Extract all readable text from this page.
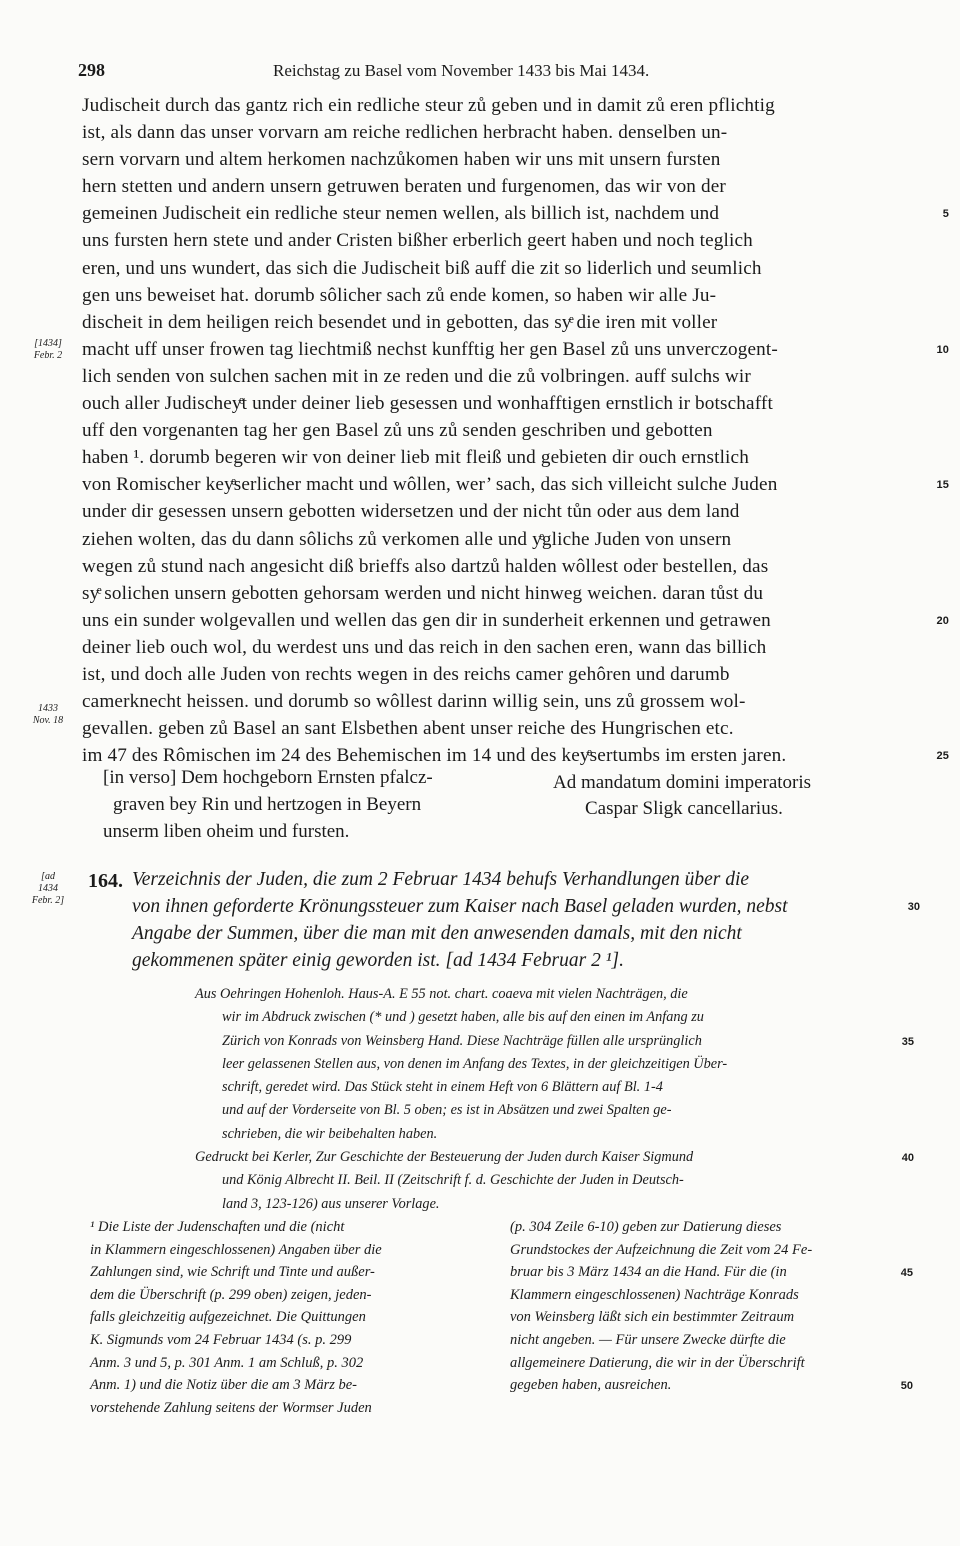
298	Reichstag zu Basel vom November 1433 bis Mai 1434.
Judischeit durch das gantz rich ein redliche steur zů geben und in damit zů eren pflichtig
ist, als dann das unser vorvarn am reiche redlichen herbracht haben. denselben un-
sern vorvarn und altem herkomen nachzůkomen haben wir uns mit unsern fursten
hern stetten und andern unsern getruwen beraten und furgenomen, das wir von der
gemeinen Judischeit ein redliche steur nemen wellen, als billich ist, nachdem und	5
uns fursten hern stete und ander Cristen bißher erberlich geert haben und noch teglich
eren, und uns wundert, das sich die Judischeit biß auff die zit so liderlich und seumlich
gen uns beweiset hat. dorumb sôlicher sach zů ende komen, so haben wir alle Ju-
discheit in dem heiligen reich besendet und in gebotten, das syͤ die iren mit voller
macht uff unser frowen tag liechtmiß nechst kunfftig her gen Basel zů uns unverczogent-	10
lich senden von sulchen sachen mit in ze reden und die zů volbringen. auff sulchs wir
ouch aller Judischeyͤt under deiner lieb gesessen und wonhafftigen ernstlich ir botschafft
uff den vorgenanten tag her gen Basel zů uns zů senden geschriben und gebotten
haben ¹. dorumb begeren wir von deiner lieb mit fleiß und gebieten dir ouch ernstlich
von Romischer keyͤserlicher macht und wôllen, wer’ sach, das sich villeicht sulche Juden	15
under dir gesessen unsern gebotten widersetzen und der nicht tůn oder aus dem land
ziehen wolten, das du dann sôlichs zů verkomen alle und yͤgliche Juden von unsern
wegen zů stund nach angesicht diß brieffs also dartzů halden wôllest oder bestellen, das
syͤ solichen unsern gebotten gehorsam werden und nicht hinweg weichen. daran tůst du
uns ein sunder wolgevallen und wellen das gen dir in sunderheit erkennen und getrawen	20
deiner lieb ouch wol, du werdest uns und das reich in den sachen eren, wann das billich
ist, und doch alle Juden von rechts wegen in des reichs camer gehôren und darumb
camerknecht heissen. und dorumb so wôllest darinn willig sein, uns zů grossem wol-
gevallen. geben zů Basel an sant Elsbethen abent unser reiche des Hungrischen etc.
im 47 des Rômischen im 24 des Behemischen im 14 und des keyͤsertumbs im ersten jaren.	25
[1434]
Febr. 2
1433
Nov. 18
[ad
1434
Febr. 2]
[in verso] Dem hochgeborn Ernsten pfalcz-
graven bey Rin und hertzogen in Beyern
unserm liben oheim und fursten.
Ad mandatum domini imperatoris
Caspar Sligk cancellarius.
164. Verzeichnis der Juden, die zum 2 Februar 1434 behufs Verhandlungen über die
von ihnen geforderte Krönungssteuer zum Kaiser nach Basel geladen wurden, nebst	30
Angabe der Summen, über die man mit den anwesenden damals, mit den nicht
gekommenen später einig geworden ist. [ad 1434 Februar 2 ¹].
Aus Oehringen Hohenloh. Haus-A. E 55 not. chart. coaeva mit vielen Nachträgen, die
wir im Abdruck zwischen (* und ) gesetzt haben, alle bis auf den einen im Anfang zu
Zürich von Konrads von Weinsberg Hand. Diese Nachträge füllen alle ursprünglich	35
leer gelassenen Stellen aus, von denen im Anfang des Textes, in der gleichzeitigen Über-
schrift, geredet wird. Das Stück steht in einem Heft von 6 Blättern auf Bl. 1-4
und auf der Vorderseite von Bl. 5 oben; es ist in Absätzen und zwei Spalten ge-
schrieben, die wir beibehalten haben.
Gedruckt bei Kerler, Zur Geschichte der Besteuerung der Juden durch Kaiser Sigmund	40
und König Albrecht II. Beil. II (Zeitschrift f. d. Geschichte der Juden in Deutsch-
land 3, 123-126) aus unserer Vorlage.
¹ Die Liste der Judenschaften und die (nicht
in Klammern eingeschlossenen) Angaben über die
Zahlungen sind, wie Schrift und Tinte und außer-
dem die Überschrift (p. 299 oben) zeigen, jeden-
falls gleichzeitig aufgezeichnet. Die Quittungen
K. Sigmunds vom 24 Februar 1434 (s. p. 299
Anm. 3 und 5, p. 301 Anm. 1 am Schluß, p. 302
Anm. 1) und die Notiz über die am 3 März be-
vorstehende Zahlung seitens der Wormser Juden
(p. 304 Zeile 6-10) geben zur Datierung dieses
Grundstockes der Aufzeichnung die Zeit vom 24 Fe-
bruar bis 3 März 1434 an die Hand. Für die (in	45
Klammern eingeschlossenen) Nachträge Konrads
von Weinsberg läßt sich ein bestimmter Zeitraum
nicht angeben. — Für unsere Zwecke dürfte die
allgemeinere Datierung, die wir in der Überschrift
gegeben haben, ausreichen.	50
